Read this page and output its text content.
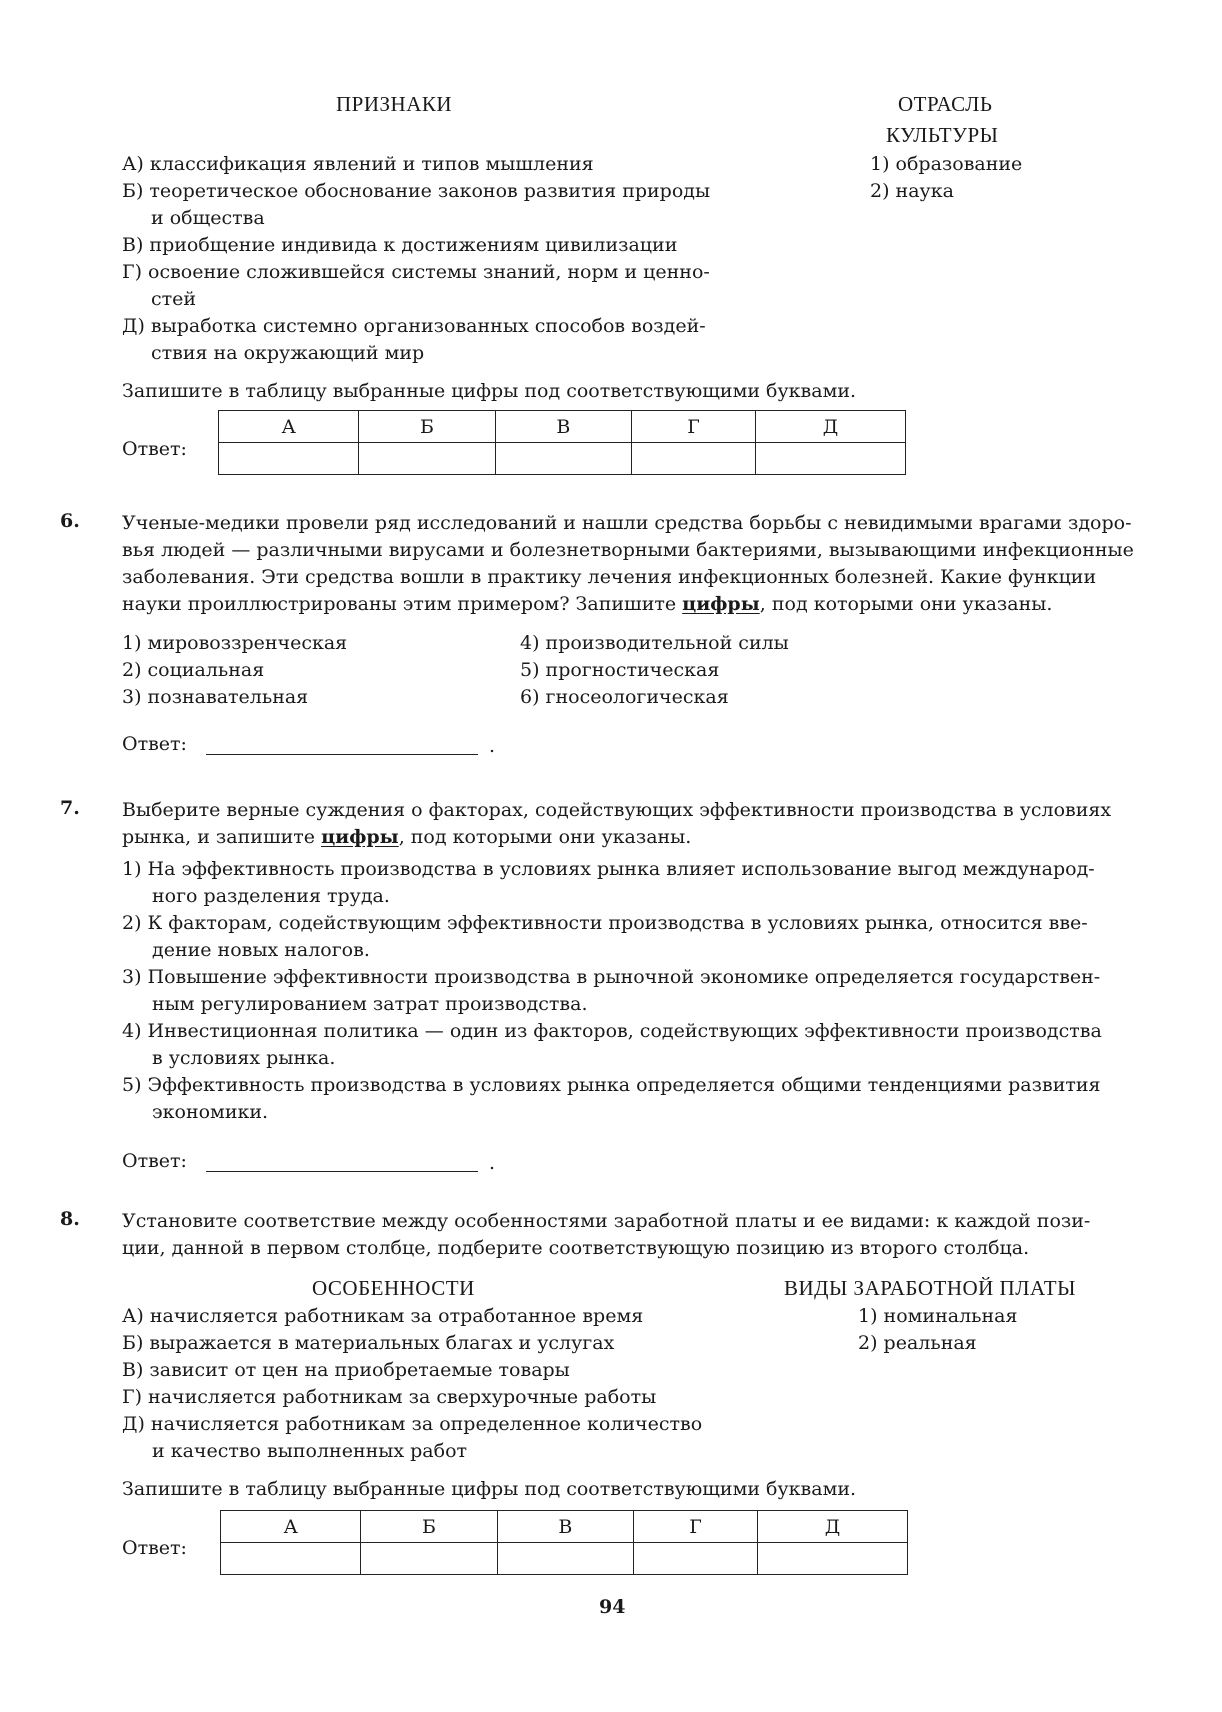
ПРИЗНАКИ	ОТРАСЛЬ
КУЛЬТУРЫ
А) классификация явлений и типов мышления
Б) теоретическое обоснование законов развития природы
и общества
В) приобщение индивида к достижениям цивилизации
Г) освоение сложившейся системы знаний, норм и ценно-
стей
Д) выработка системно организованных способов воздей-
ствия на окружающий мир
1) образование
2) наука
Запишите в таблицу выбранные цифры под соответствующими буквами.
Ответ:
А	Б	В	Г	Д

6. Ученые-медики провели ряд исследований и нашли средства борьбы с невидимыми врагами здоро-
вья людей — различными вирусами и болезнетворными бактериями, вызывающими инфекционные
заболевания. Эти средства вошли в практику лечения инфекционных болезней. Какие функции
науки проиллюстрированы этим примером? Запишите цифры, под которыми они указаны.
1) мировоззренческая
2) социальная
3) познавательная
4) производительной силы
5) прогностическая
6) гносеологическая
Ответ:	.
7. Выберите верные суждения о факторах, содействующих эффективности производства в условиях
рынка, и запишите цифры, под которыми они указаны.
1) На эффективность производства в условиях рынка влияет использование выгод международ-
ного разделения труда.
2) К факторам, содействующим эффективности производства в условиях рынка, относится вве-
дение новых налогов.
3) Повышение эффективности производства в рыночной экономике определяется государствен-
ным регулированием затрат производства.
4) Инвестиционная политика — один из факторов, содействующих эффективности производства
в условиях рынка.
5) Эффективность производства в условиях рынка определяется общими тенденциями развития
экономики.
Ответ:	.
8. Установите соответствие между особенностями заработной платы и ее видами: к каждой пози-
ции, данной в первом столбце, подберите соответствующую позицию из второго столбца.
ОСОБЕННОСТИ	ВИДЫ ЗАРАБОТНОЙ ПЛАТЫ
А) начисляется работникам за отработанное время
Б) выражается в материальных благах и услугах
В) зависит от цен на приобретаемые товары
Г) начисляется работникам за сверхурочные работы
Д) начисляется работникам за определенное количество
и качество выполненных работ
1) номинальная
2) реальная
Запишите в таблицу выбранные цифры под соответствующими буквами.
Ответ:
А	Б	В	Г	Д

94
